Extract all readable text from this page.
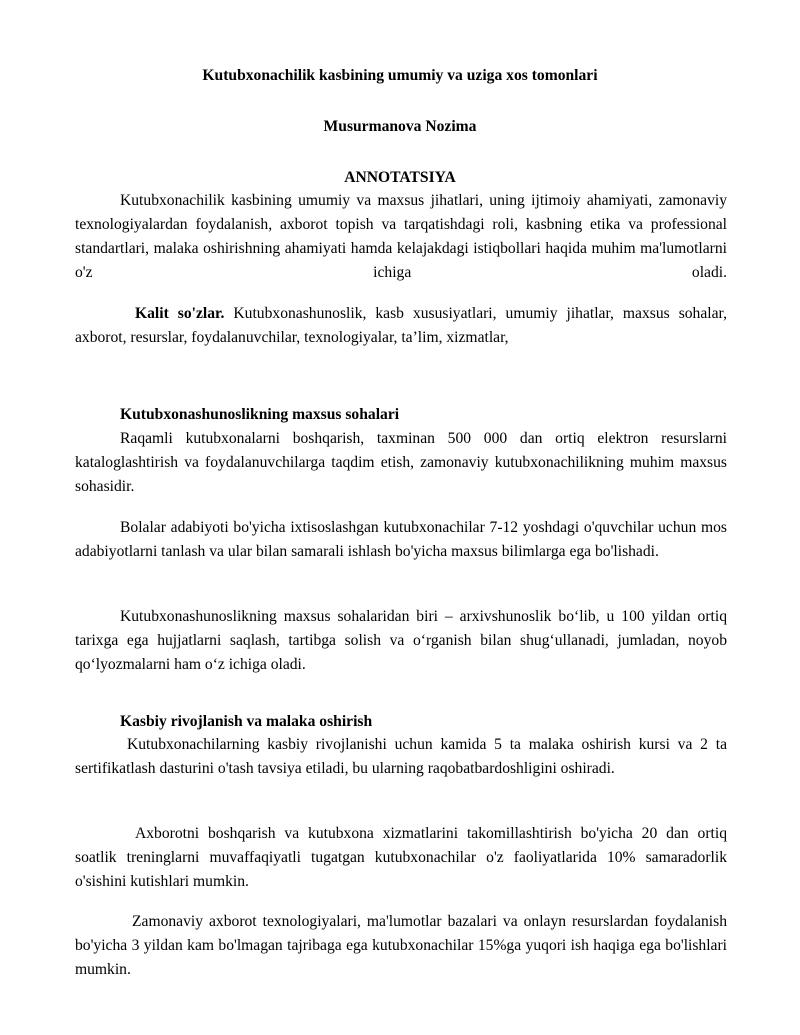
Kutubxonachilik kasbining umumiy va uziga xos tomonlari
Musurmanova Nozima
ANNOTATSIYA
Kutubxonachilik kasbining umumiy va maxsus jihatlari, uning ijtimoiy ahamiyati, zamonaviy texnologiyalardan foydalanish, axborot topish va tarqatishdagi roli, kasbning etika va professional standartlari, malaka oshirishning ahamiyati hamda kelajakdagi istiqbollari haqida muhim ma'lumotlarni o'z ichiga oladi.
Kalit so'zlar. Kutubxonashunoslik, kasb xususiyatlari, umumiy jihatlar, maxsus sohalar, axborot, resurslar, foydalanuvchilar, texnologiyalar, ta’lim, xizmatlar,
Kutubxonashunoslikning maxsus sohalari
Raqamli kutubxonalarni boshqarish, taxminan 500 000 dan ortiq elektron resurslarni kataloglashtirish va foydalanuvchilarga taqdim etish, zamonaviy kutubxonachilikning muhim maxsus sohasidir.
Bolalar adabiyoti bo'yicha ixtisoslashgan kutubxonachilar 7-12 yoshdagi o'quvchilar uchun mos adabiyotlarni tanlash va ular bilan samarali ishlash bo'yicha maxsus bilimlarga ega bo'lishadi.
Kutubxonashunoslikning maxsus sohalaridan biri – arxivshunoslik bo‘lib, u 100 yildan ortiq tarixga ega hujjatlarni saqlash, tartibga solish va o‘rganish bilan shug‘ullanadi, jumladan, noyob qo‘lyozmalarni ham o‘z ichiga oladi.
Kasbiy rivojlanish va malaka oshirish
Kutubxonachilarning kasbiy rivojlanishi uchun kamida 5 ta malaka oshirish kursi va 2 ta sertifikatlash dasturini o'tash tavsiya etiladi, bu ularning raqobatbardoshligini oshiradi.
Axborotni boshqarish va kutubxona xizmatlarini takomillashtirish bo'yicha 20 dan ortiq soatlik treninglarni muvaffaqiyatli tugatgan kutubxonachilar o'z faoliyatlarida 10% samaradorlik o'sishini kutishlari mumkin.
Zamonaviy axborot texnologiyalari, ma'lumotlar bazalari va onlayn resurslardan foydalanish bo'yicha 3 yildan kam bo'lmagan tajribaga ega kutubxonachilar 15%ga yuqori ish haqiga ega bo'lishlari mumkin.
